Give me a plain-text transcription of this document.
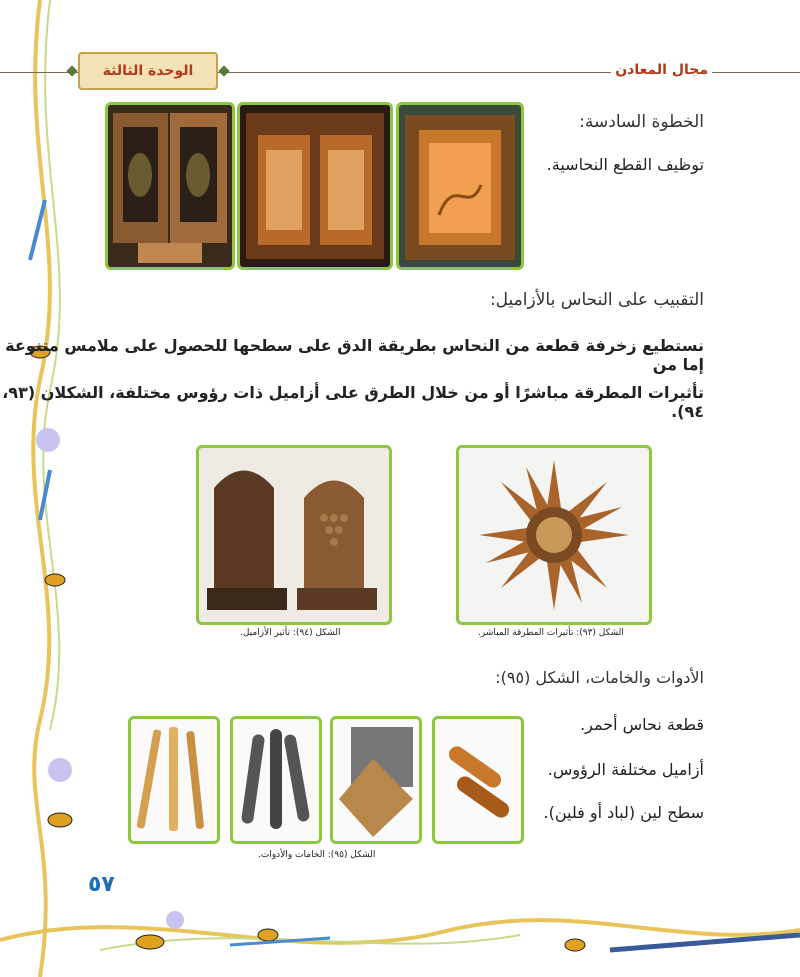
الوحدة الثالثة	مجال المعادن
الخطوة السادسة:
توظيف القطع النحاسية.
التقبيب على النحاس بالأزاميل:
نستطيع زخرفة قطعة من النحاس بطريقة الدق على سطحها للحصول على ملامس متنوعة إما من
تأثيرات المطرقة مباشرًا أو من خلال الطرق على أزاميل ذات رؤوس مختلفة، الشكلان (٩٣، ٩٤).
الشكل (٩٣): تأثيرات المطرقة المباشر.
الشكل (٩٤): تأثير الأزاميل.
الأدوات والخامات، الشكل (٩٥):
قطعة نحاس أحمر.
أزاميل مختلفة الرؤوس.
سطح لين (لباد أو فلين).
الشكل (٩٥): الخامات والأدوات.
٥٧
